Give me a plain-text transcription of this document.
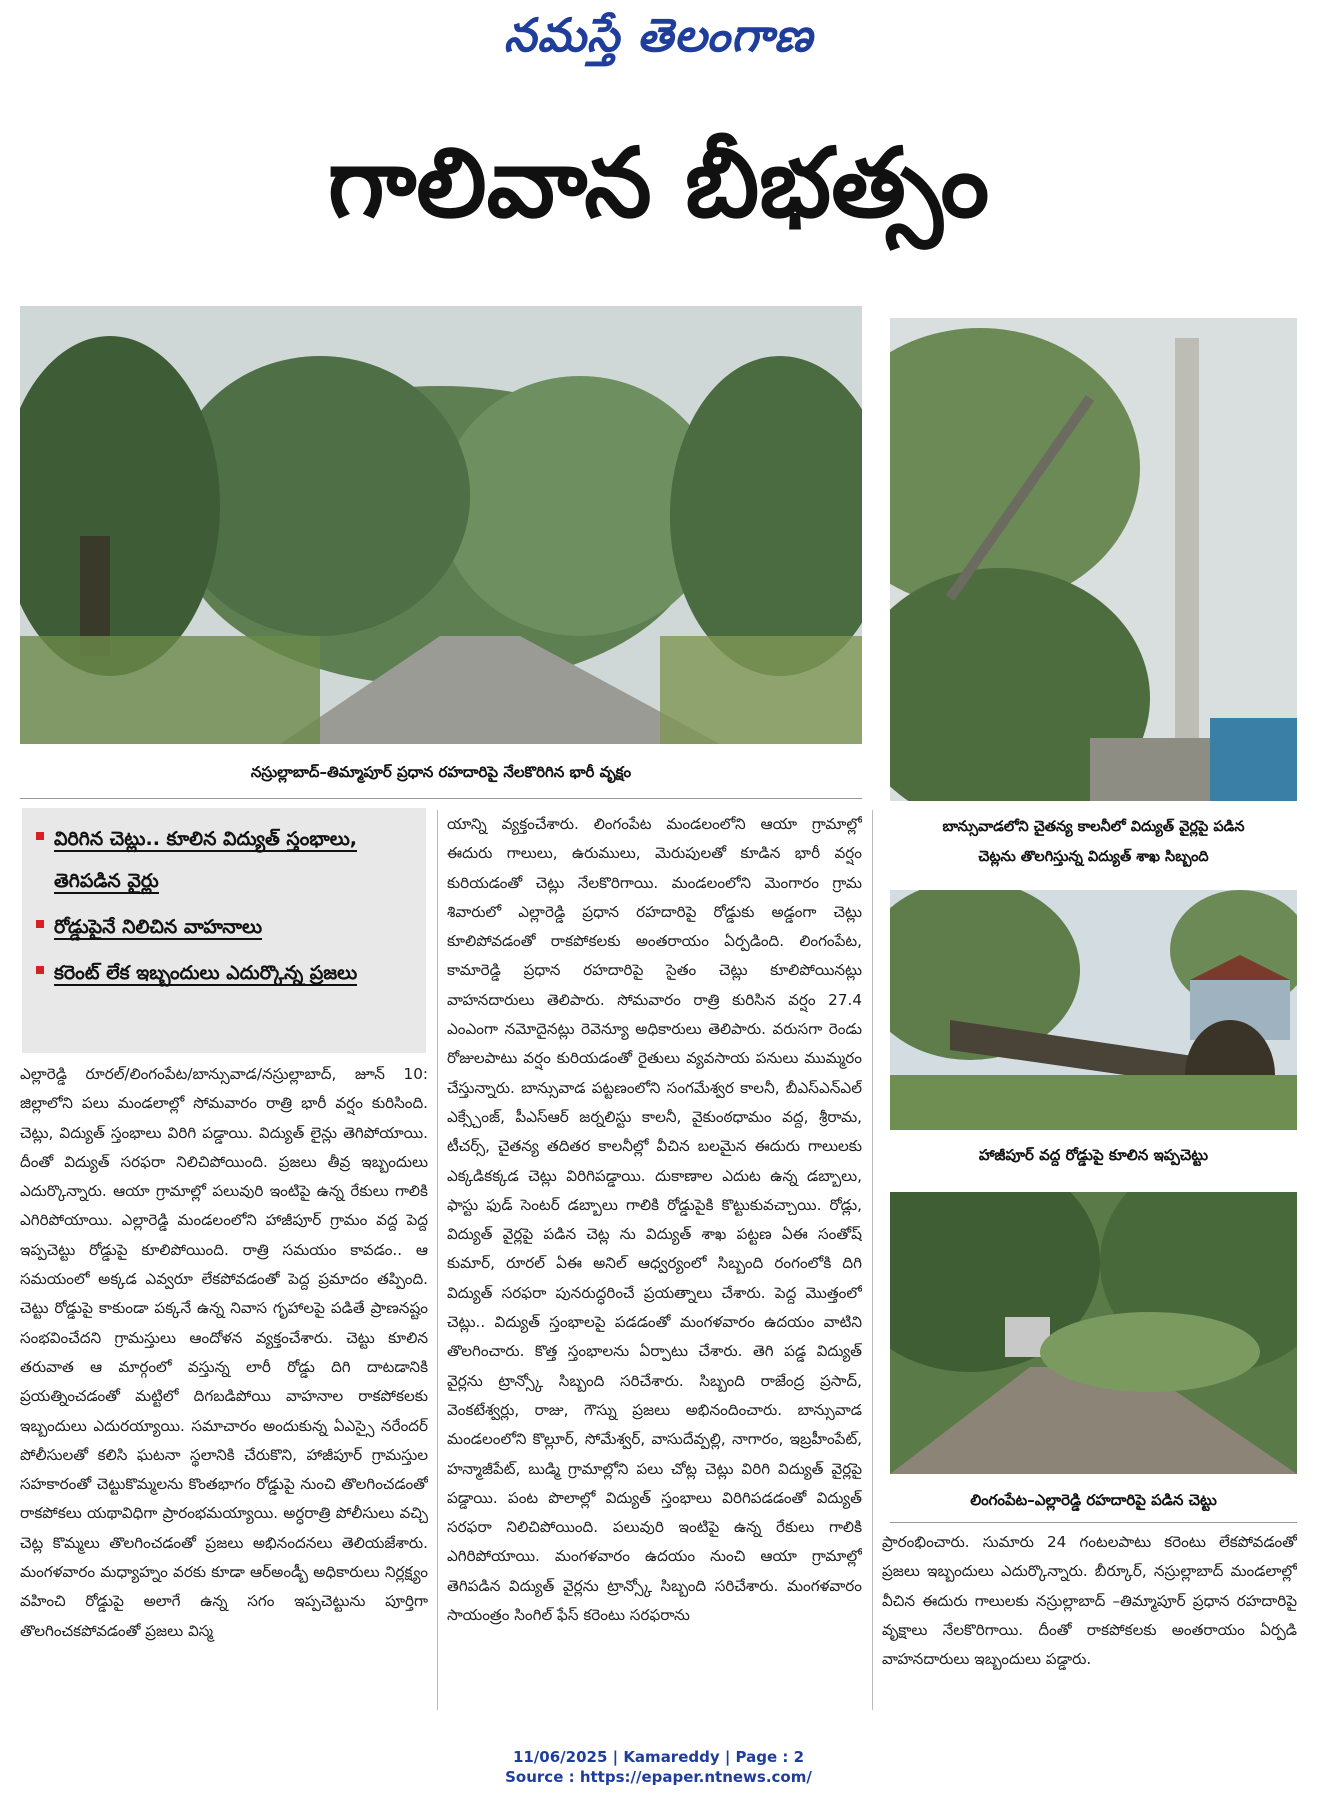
నమస్తే తెలంగాణ
గాలివాన బీభత్సం
నస్రుల్లాబాద్–తిమ్మాపూర్ ప్రధాన రహదారిపై నేలకొరిగిన భారీ వృక్షం
బాన్సువాడలోని చైతన్య కాలనీలో విద్యుత్ వైర్లపై పడిన
చెట్లను తొలగిస్తున్న విద్యుత్ శాఖ సిబ్బంది
హాజీపూర్ వద్ద రోడ్డుపై కూలిన ఇప్పచెట్టు
లింగంపేట–ఎల్లారెడ్డి రహదారిపై పడిన చెట్టు
విరిగిన చెట్లు.. కూలిన విద్యుత్ స్తంభాలు, తెగిపడిన వైర్లు
రోడ్డుపైనే నిలిచిన వాహనాలు
కరెంట్ లేక ఇబ్బందులు ఎదుర్కొన్న ప్రజలు

ఎల్లారెడ్డి రూరల్/లింగంపేట/బాన్సువాడ/నస్రుల్లాబాద్, జూన్ 10: జిల్లాలోని పలు మండలాల్లో సోమవారం రాత్రి భారీ వర్షం కురిసింది. చెట్లు, విద్యుత్ స్తంభాలు విరిగి పడ్డాయి. విద్యుత్ లైన్లు తెగిపోయాయి. దీంతో విద్యుత్ సరఫరా నిలిచిపోయింది. ప్రజలు తీవ్ర ఇబ్బందులు ఎదుర్కొన్నారు. ఆయా గ్రామాల్లో పలువురి ఇంటిపై ఉన్న రేకులు గాలికి ఎగిరిపోయాయి. ఎల్లారెడ్డి మండలంలోని హాజీపూర్ గ్రామం వద్ద పెద్ద ఇప్పచెట్టు రోడ్డుపై కూలిపోయింది. రాత్రి సమయం కావడం.. ఆ సమయంలో అక్కడ ఎవ్వరూ లేకపోవడంతో పెద్ద ప్రమాదం తప్పింది. చెట్టు రోడ్డుపై కాకుండా పక్కనే ఉన్న నివాస గృహాలపై పడితే ప్రాణనష్టం సంభవించేదని గ్రామస్తులు ఆందోళన వ్యక్తంచేశారు. చెట్టు కూలిన తరువాత ఆ మార్గంలో వస్తున్న లారీ రోడ్డు దిగి దాటడానికి ప్రయత్నించడంతో మట్టిలో దిగబడిపోయి వాహనాల రాకపోకలకు ఇబ్బందులు ఎదురయ్యాయి. సమాచారం అందుకున్న ఏఎస్సై నరేందర్ పోలీసులతో కలిసి ఘటనా స్థలానికి చేరుకొని, హాజీపూర్ గ్రామస్తుల సహకారంతో చెట్టుకొమ్మలను కొంతభాగం రోడ్డుపై నుంచి తొలగించడంతో రాకపోకలు యథావిధిగా ప్రారంభమయ్యాయి. అర్ధరాత్రి పోలీసులు వచ్చి చెట్ల కొమ్మలు తొలగించడంతో ప్రజలు అభినందనలు తెలియజేశారు. మంగళవారం మధ్యాహ్నం వరకు కూడా ఆర్అండ్బీ అధికారులు నిర్లక్ష్యం వహించి రోడ్డుపై అలాగే ఉన్న సగం ఇప్పచెట్టును పూర్తిగా తొలగించకపోవడంతో ప్రజలు విస్మ

యాన్ని వ్యక్తంచేశారు. లింగంపేట మండలంలోని ఆయా గ్రామాల్లో ఈదురు గాలులు, ఉరుములు, మెరుపులతో కూడిన భారీ వర్షం కురియడంతో చెట్లు నేలకొరిగాయి. మండలంలోని మెంగారం గ్రామ శివారులో ఎల్లారెడ్డి ప్రధాన రహదారిపై రోడ్డుకు అడ్డంగా చెట్లు కూలిపోవడంతో రాకపోకలకు అంతరాయం ఏర్పడింది. లింగంపేట, కామారెడ్డి ప్రధాన రహదారిపై సైతం చెట్లు కూలిపోయినట్లు వాహనదారులు తెలిపారు. సోమవారం రాత్రి కురిసిన వర్షం 27.4 ఎంఎంగా నమోదైనట్లు రెవెన్యూ అధికారులు తెలిపారు. వరుసగా రెండు రోజులపాటు వర్షం కురియడంతో రైతులు వ్యవసాయ పనులు ముమ్మరం చేస్తున్నారు. బాన్సువాడ పట్టణంలోని సంగమేశ్వర కాలనీ, బీఎస్ఎన్ఎల్ ఎక్స్చేంజ్, పీఎస్ఆర్ జర్నలిస్టు కాలనీ, వైకుంఠధామం వద్ద, శ్రీరామ, టీచర్స్, చైతన్య తదితర కాలనీల్లో వీచిన బలమైన ఈదురు గాలులకు ఎక్కడికక్కడ చెట్లు విరిగిపడ్డాయి. దుకాణాల ఎదుట ఉన్న డబ్బాలు, ఫాస్టు ఫుడ్ సెంటర్ డబ్బాలు గాలికి రోడ్డుపైకి కొట్టుకువచ్చాయి. రోడ్లు, విద్యుత్ వైర్లపై పడిన చెట్ల ను విద్యుత్ శాఖ పట్టణ ఏఈ సంతోష్ కుమార్, రూరల్ ఏఈ అనిల్ ఆధ్వర్యంలో సిబ్బంది రంగంలోకి దిగి విద్యుత్ సరఫరా పునరుద్ధరించే ప్రయత్నాలు చేశారు. పెద్ద మొత్తంలో చెట్లు.. విద్యుత్ స్తంభాలపై పడడంతో మంగళవారం ఉదయం వాటిని తొలగించారు. కొత్త స్తంభాలను ఏర్పాటు చేశారు. తెగి పడ్డ విద్యుత్ వైర్లను ట్రాన్స్కో సిబ్బంది సరిచేశారు. సిబ్బంది రాజేంద్ర ప్రసాద్, వెంకటేశ్వర్లు, రాజు, గౌస్ను ప్రజలు అభినందించారు. బాన్సువాడ మండలంలోని కొల్లూర్, సోమేశ్వర్, వాసుదేవ్పల్లి, నాగారం, ఇబ్రహీంపేట్, హన్మాజీపేట్, బుడ్మి గ్రామాల్లోని పలు చోట్ల చెట్లు విరిగి విద్యుత్ వైర్లపై పడ్డాయి. పంట పొలాల్లో విద్యుత్ స్తంభాలు విరిగిపడడంతో విద్యుత్ సరఫరా నిలిచిపోయింది. పలువురి ఇంటిపై ఉన్న రేకులు గాలికి ఎగిరిపోయాయి. మంగళవారం ఉదయం నుంచి ఆయా గ్రామాల్లో తెగిపడిన విద్యుత్ వైర్లను ట్రాన్స్కో సిబ్బంది సరిచేశారు. మంగళవారం సాయంత్రం సింగిల్ ఫేస్ కరెంటు సరఫరాను

ప్రారంభించారు. సుమారు 24 గంటలపాటు కరెంటు లేకపోవడంతో ప్రజలు ఇబ్బందులు ఎదుర్కొన్నారు. బీర్కూర్, నస్రుల్లాబాద్ మండలాల్లో వీచిన ఈదురు గాలులకు నస్రుల్లాబాద్ –తిమ్మాపూర్ ప్రధాన రహదారిపై వృక్షాలు నేలకొరిగాయి. దీంతో రాకపోకలకు అంతరాయం ఏర్పడి వాహనదారులు ఇబ్బందులు పడ్డారు.

11/06/2025 | Kamareddy | Page : 2
Source : https://epaper.ntnews.com/
